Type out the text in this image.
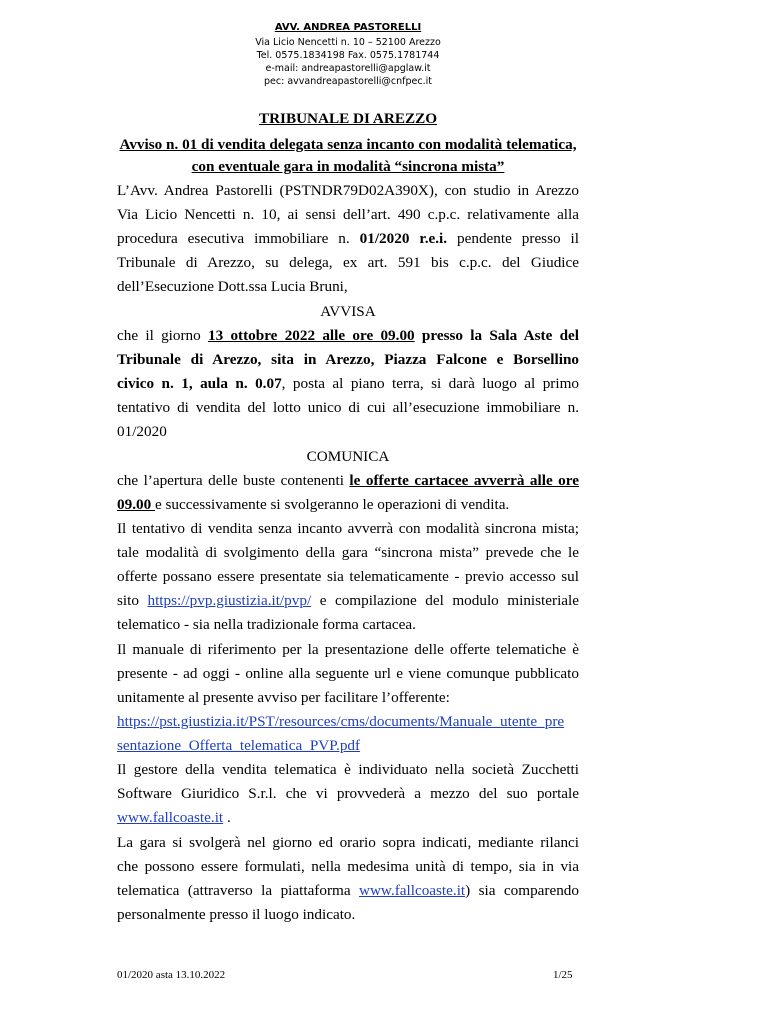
AVV. ANDREA PASTORELLI
Via Licio Nencetti n. 10 – 52100 Arezzo
Tel. 0575.1834198 Fax. 0575.1781744
e-mail: andreapastorelli@apglaw.it
pec: avvandreapastorelli@cnfpec.it
TRIBUNALE DI AREZZO
Avviso n. 01 di vendita delegata senza incanto con modalità telematica,
con eventuale gara in modalità “sincrona mista”
L’Avv. Andrea Pastorelli (PSTNDR79D02A390X), con studio in Arezzo
Via Licio Nencetti n. 10, ai sensi dell’art. 490 c.p.c. relativamente alla
procedura esecutiva immobiliare n. 01/2020 r.e.i. pendente presso il
Tribunale di Arezzo, su delega, ex art. 591 bis c.p.c. del Giudice
dell’Esecuzione Dott.ssa Lucia Bruni,
AVVISA
che il giorno 13 ottobre 2022 alle ore 09.00 presso la Sala Aste del
Tribunale di Arezzo, sita in Arezzo, Piazza Falcone e Borsellino
civico n. 1, aula n. 0.07, posta al piano terra, si darà luogo al primo
tentativo di vendita del lotto unico di cui all’esecuzione immobiliare n.
01/2020
COMUNICA
che l’apertura delle buste contenenti le offerte cartacee avverrà alle ore
09.00 e successivamente si svolgeranno le operazioni di vendita.
Il tentativo di vendita senza incanto avverrà con modalità sincrona mista;
tale modalità di svolgimento della gara “sincrona mista” prevede che le
offerte possano essere presentate sia telematicamente - previo accesso sul
sito https://pvp.giustizia.it/pvp/ e compilazione del modulo ministeriale
telematico - sia nella tradizionale forma cartacea.
Il manuale di riferimento per la presentazione delle offerte telematiche è
presente - ad oggi - online alla seguente url e viene comunque pubblicato
unitamente al presente avviso per facilitare l’offerente:
https://pst.giustizia.it/PST/resources/cms/documents/Manuale_utente_pre
sentazione_Offerta_telematica_PVP.pdf
Il gestore della vendita telematica è individuato nella società Zucchetti
Software Giuridico S.r.l. che vi provvederà a mezzo del suo portale
www.fallcoaste.it .
La gara si svolgerà nel giorno ed orario sopra indicati, mediante rilanci
che possono essere formulati, nella medesima unità di tempo, sia in via
telematica (attraverso la piattaforma www.fallcoaste.it) sia comparendo
personalmente presso il luogo indicato.
01/2020 asta 13.10.2022	1/25
